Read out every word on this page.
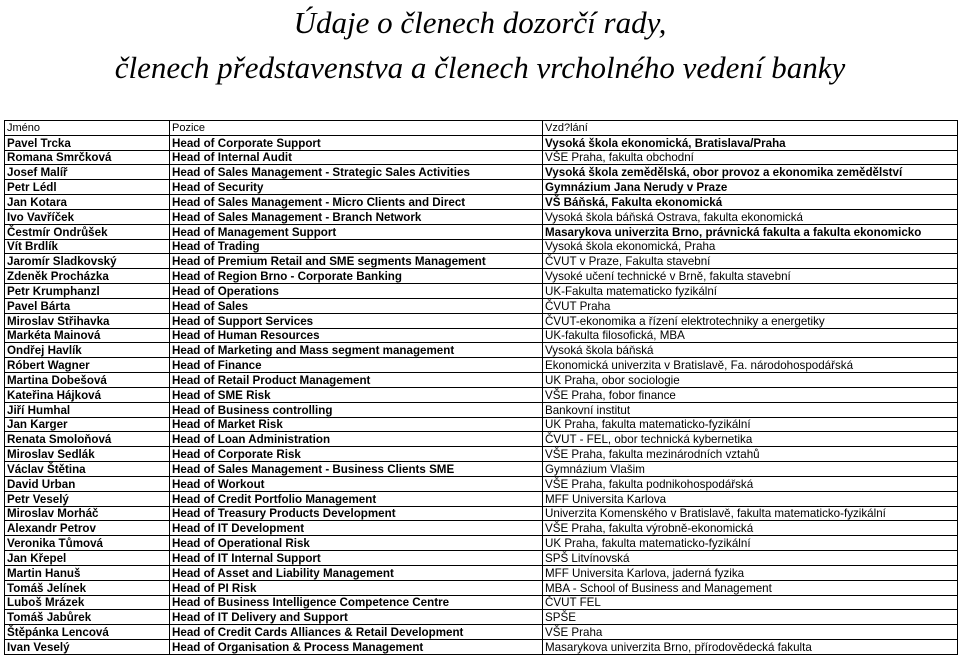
Údaje o členech dozorčí rady,
členech představenstva a členech vrcholného vedení banky
Jméno	Pozice	Vzd?lání
Pavel Trcka	Head of Corporate Support	Vysoká škola ekonomická, Bratislava/Praha
Romana Smrčková	Head of Internal Audit	VŠE Praha, fakulta obchodní
Josef Malíř	Head of Sales Management - Strategic Sales Activities	Vysoká škola zemědělská, obor provoz a ekonomika zemědělství
Petr Lédl	Head of Security	Gymnázium Jana Nerudy v Praze
Jan Kotara	Head of Sales Management - Micro Clients and Direct	VŠ Báňská, Fakulta ekonomická
Ivo Vavříček	Head of Sales Management - Branch Network	Vysoká škola báňská Ostrava, fakulta ekonomická
Čestmír Ondrůšek	Head of Management Support	Masarykova univerzita Brno, právnická fakulta a fakulta ekonomicko
Vít Brdlík	Head of Trading	Vysoká škola ekonomická, Praha
Jaromír Sladkovský	Head of Premium Retail and SME segments Management	ČVUT v Praze, Fakulta stavební
Zdeněk Procházka	Head of Region Brno - Corporate Banking	Vysoké učení technické v Brně, fakulta stavební
Petr Krumphanzl	Head of Operations	UK-Fakulta matematicko fyzikální
Pavel Bárta	Head of Sales	ČVUT Praha
Miroslav Střihavka	Head of Support Services	ČVUT-ekonomika a řízení elektrotechniky a energetiky
Markéta Mainová	Head of Human Resources	UK-fakulta filosofická, MBA
Ondřej Havlík	Head of Marketing and Mass segment management	Vysoká škola báňská
Róbert Wagner	Head of Finance	Ekonomická univerzita v Bratislavě, Fa. národohospodářská
Martina Dobešová	Head of Retail Product Management	UK Praha, obor sociologie
Kateřina Hájková	Head of SME Risk	VŠE Praha, fobor finance
Jiří Humhal	Head of Business controlling	Bankovní institut
Jan Karger	Head of Market Risk	UK Praha, fakulta matematicko-fyzikální
Renata Smoloňová	Head of Loan Administration	ČVUT - FEL, obor technická kybernetika
Miroslav Sedlák	Head of Corporate Risk	VŠE Praha, fakulta mezinárodních vztahů
Václav Štětina	Head of Sales Management - Business Clients SME	Gymnázium Vlašim
David Urban	Head of Workout	VŠE Praha, fakulta podnikohospodářská
Petr Veselý	Head of Credit Portfolio Management	MFF Universita Karlova
Miroslav Morháč	Head of Treasury Products Development	Univerzita Komenského v Bratislavě, fakulta matematicko-fyzikální
Alexandr Petrov	Head of IT Development	VŠE Praha, fakulta výrobně-ekonomická
Veronika Tůmová	Head of Operational Risk	UK Praha, fakulta matematicko-fyzikální
Jan Křepel	Head of IT Internal Support	SPŠ Litvínovská
Martin Hanuš	Head of Asset and Liability Management	MFF Universita Karlova, jaderná fyzika
Tomáš Jelínek	Head of PI Risk	MBA - School of Business and Management
Luboš Mrázek	Head of Business Intelligence Competence Centre	ČVUT FEL
Tomáš Jabůrek	Head of IT Delivery and Support	SPŠE
Štěpánka Lencová	Head of Credit Cards Alliances & Retail Development	VŠE Praha
Ivan Veselý	Head of Organisation & Process Management	Masarykova univerzita Brno, přírodovědecká fakulta
